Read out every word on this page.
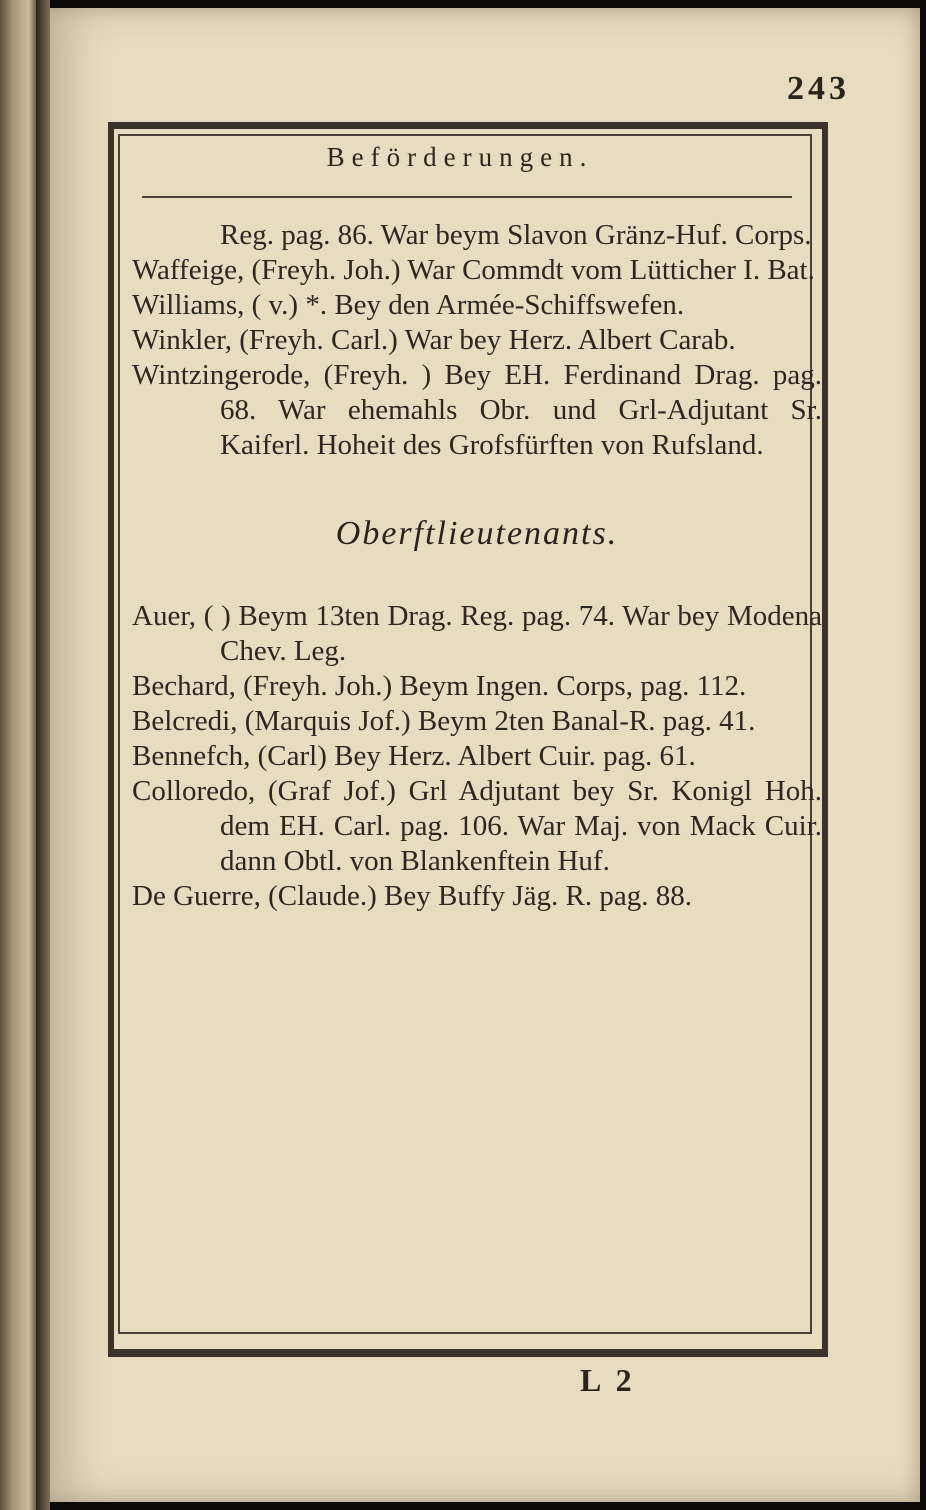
243
Beförderungen.

Reg. pag. 86. War beym Slavon Gränz-Huf. Corps.

Waffeige, (Freyh. Joh.) War Commdt vom Lütticher I. Bat.

Williams, ( v.) *. Bey den Armée-Schiffswefen.

Winkler, (Freyh. Carl.) War bey Herz. Albert Carab.

Wintzingerode, (Freyh. ) Bey EH. Ferdinand Drag. pag. 68. War ehemahls Obr. und Grl-Adjutant Sr. Kaiferl. Hoheit des Grofsfürften von Rufsland.

Oberftlieutenants.

Auer, ( ) Beym 13ten Drag. Reg. pag. 74. War bey Modena Chev. Leg.

Bechard, (Freyh. Joh.) Beym Ingen. Corps, pag. 112.

Belcredi, (Marquis Jof.) Beym 2ten Banal-R. pag. 41.

Bennefch, (Carl) Bey Herz. Albert Cuir. pag. 61.

Colloredo, (Graf Jof.) Grl Adjutant bey Sr. Konigl Hoh. dem EH. Carl. pag. 106. War Maj. von Mack Cuir. dann Obtl. von Blankenftein Huf.

De Guerre, (Claude.) Bey Buffy Jäg. R. pag. 88.

L 2
